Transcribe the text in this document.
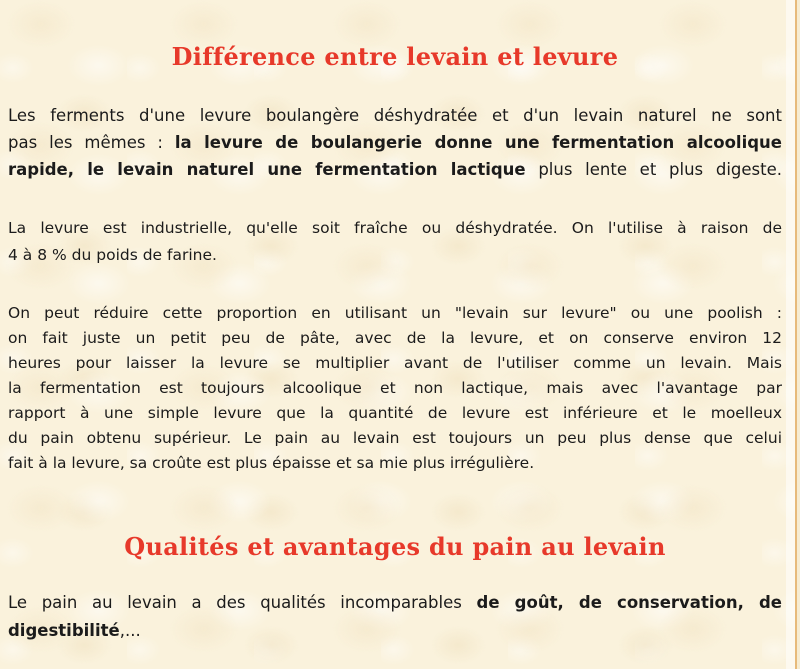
Différence entre levain et levure
Les ferments d'une levure boulangère déshydratée et d'un levain naturel ne sont
pas les mêmes : la levure de boulangerie donne une fermentation alcoolique
rapide, le levain naturel une fermentation lactique plus lente et plus digeste.
La levure est industrielle, qu'elle soit fraîche ou déshydratée. On l'utilise à raison de
4 à 8 % du poids de farine.
On peut réduire cette proportion en utilisant un "levain sur levure" ou une poolish :
on fait juste un petit peu de pâte, avec de la levure, et on conserve environ 12
heures pour laisser la levure se multiplier avant de l'utiliser comme un levain. Mais
la fermentation est toujours alcoolique et non lactique, mais avec l'avantage par
rapport à une simple levure que la quantité de levure est inférieure et le moelleux
du pain obtenu supérieur. Le pain au levain est toujours un peu plus dense que celui
fait à la levure, sa croûte est plus épaisse et sa mie plus irrégulière.
Qualités et avantages du pain au levain
Le pain au levain a des qualités incomparables de goût, de conservation, de
digestibilité,...
